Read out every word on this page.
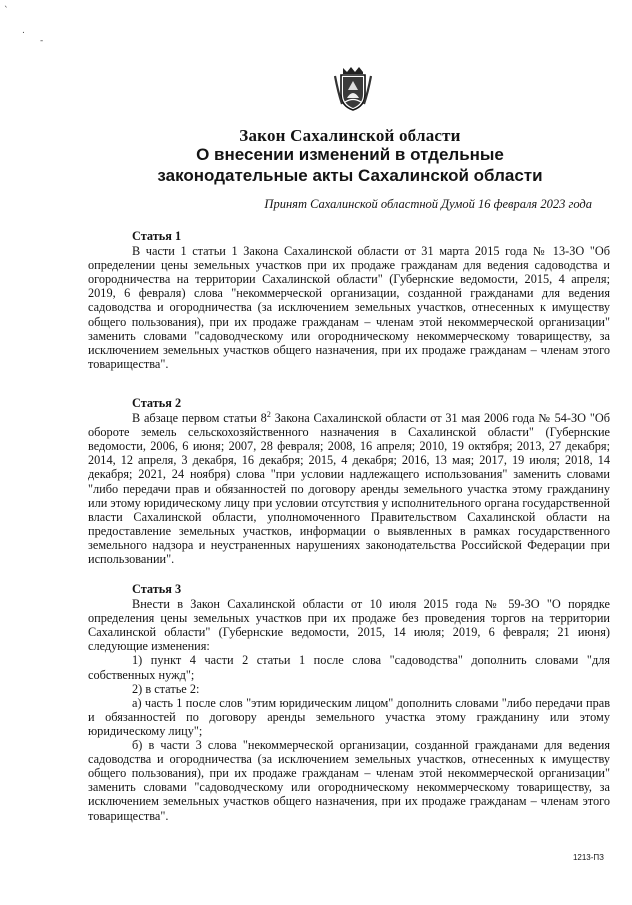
`
.
-
Закон Сахалинской области
О внесении изменений в отдельные
законодательные акты Сахалинской области
Принят Сахалинской областной Думой 16 февраля 2023 года
Статья 1

В части 1 статьи 1 Закона Сахалинской области от 31 марта 2015 года № 13-ЗО "Об определении цены земельных участков при их продаже гражданам для ведения садоводства и огородничества на территории Сахалинской области" (Губернские ведомости, 2015, 4 апреля; 2019, 6 февраля) слова "некоммерческой организации, созданной гражданами для ведения садоводства и огородничества (за исключением земельных участков, отнесенных к имуществу общего пользования), при их продаже гражданам – членам этой некоммерческой организации" заменить словами "садоводческому или огородническому некоммерческому товариществу, за исключением земельных участков общего назначения, при их продаже гражданам – членам этого товарищества".

Статья 2

В абзаце первом статьи $8^2$ Закона Сахалинской области от 31 мая 2006 года № 54-ЗО "Об обороте земель сельскохозяйственного назначения в Сахалинской области" (Губернские ведомости, 2006, 6 июня; 2007, 28 февраля; 2008, 16 апреля; 2010, 19 октября; 2013, 27 декабря; 2014, 12 апреля, 3 декабря, 16 декабря; 2015, 4 декабря; 2016, 13 мая; 2017, 19 июля; 2018, 14 декабря; 2021, 24 ноября) слова "при условии надлежащего использования" заменить словами "либо передачи прав и обязанностей по договору аренды земельного участка этому гражданину или этому юридическому лицу при условии отсутствия у исполнительного органа государственной власти Сахалинской области, уполномоченного Правительством Сахалинской области на предоставление земельных участков, информации о выявленных в рамках государственного земельного надзора и неустраненных нарушениях законодательства Российской Федерации при использовании".

Статья 3

Внести в Закон Сахалинской области от 10 июля 2015 года № 59-ЗО "О порядке определения цены земельных участков при их продаже без проведения торгов на территории Сахалинской области" (Губернские ведомости, 2015, 14 июля; 2019, 6 февраля; 21 июня) следующие изменения:

1) пункт 4 части 2 статьи 1 после слова "садоводства" дополнить словами "для собственных нужд";

2) в статье 2:

а) часть 1 после слов "этим юридическим лицом" дополнить словами "либо передачи прав и обязанностей по договору аренды земельного участка этому гражданину или этому юридическому лицу";

б) в части 3 слова "некоммерческой организации, созданной гражданами для ведения садоводства и огородничества (за исключением земельных участков, отнесенных к имуществу общего пользования), при их продаже гражданам – членам этой некоммерческой организации" заменить словами "садоводческому или огородническому некоммерческому товариществу, за исключением земельных участков общего назначения, при их продаже гражданам – членам этого товарищества".

1213-ПЗ
